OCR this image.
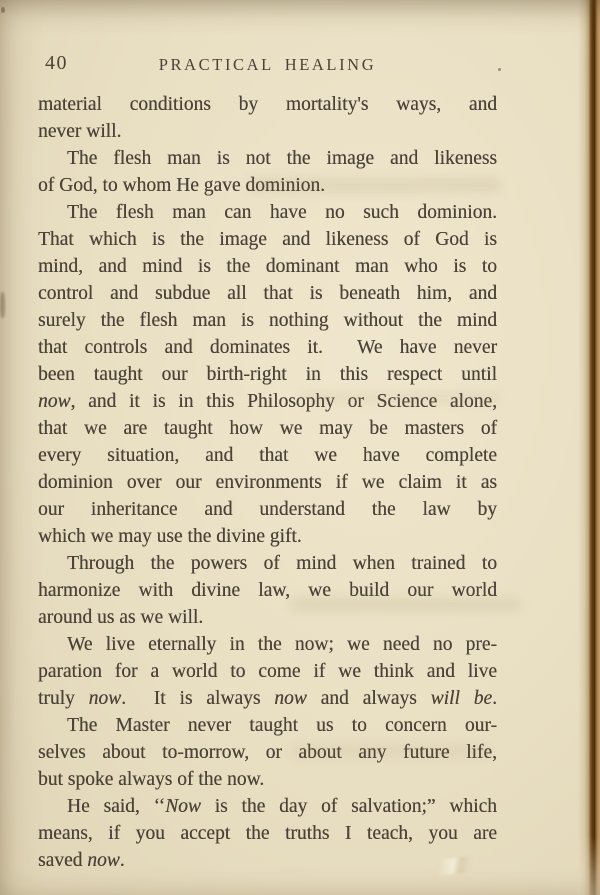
40	PRACTICAL HEALING
material conditions by mortality's ways, and
never will.
The flesh man is not the image and likeness
of God, to whom He gave dominion.
The flesh man can have no such dominion.
That which is the image and likeness of God is
mind, and mind is the dominant man who is to
control and subdue all that is beneath him, and
surely the flesh man is nothing without the mind
that controls and dominates it.  We have never
been taught our birth-right in this respect until
now, and it is in this Philosophy or Science alone,
that we are taught how we may be masters of
every situation, and that we have complete
dominion over our environments if we claim it as
our inheritance and understand the law by
which we may use the divine gift.
Through the powers of mind when trained to
harmonize with divine law, we build our world
around us as we will.
We live eternally in the now; we need no pre-
paration for a world to come if we think and live
truly now.  It is always now and always will be.
The Master never taught us to concern our-
selves about to-morrow, or about any future life,
but spoke always of the now.
He said, ‘‘Now is the day of salvation;” which
means, if you accept the truths I teach, you are
saved now.
